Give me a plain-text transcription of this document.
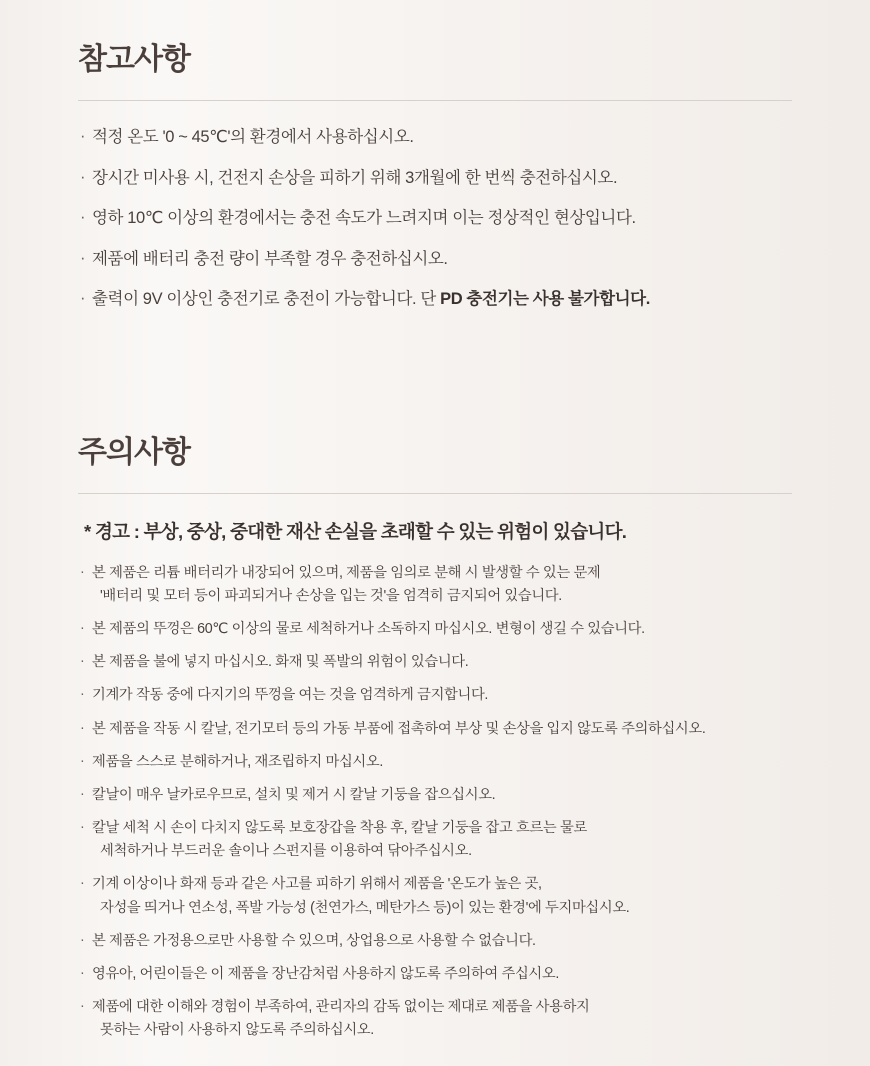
참고사항
· 적정 온도 '0 ~ 45℃'의 환경에서 사용하십시오.
· 장시간 미사용 시, 건전지 손상을 피하기 위해 3개월에 한 번씩 충전하십시오.
· 영하 10℃ 이상의 환경에서는 충전 속도가 느려지며 이는 정상적인 현상입니다.
· 제품에 배터리 충전 량이 부족할 경우 충전하십시오.
· 출력이 9V 이상인 충전기로 충전이 가능합니다. 단 PD 충전기는 사용 불가합니다.
주의사항

* 경고 : 부상, 중상, 중대한 재산 손실을 초래할 수 있는 위험이 있습니다.

· 본 제품은 리튬 배터리가 내장되어 있으며, 제품을 임의로 분해 시 발생할 수 있는 문제
'배터리 및 모터 등이 파괴되거나 손상을 입는 것'을 엄격히 금지되어 있습니다.
· 본 제품의 뚜껑은 60℃ 이상의 물로 세척하거나 소독하지 마십시오. 변형이 생길 수 있습니다.
· 본 제품을 불에 넣지 마십시오. 화재 및 폭발의 위험이 있습니다.
· 기계가 작동 중에 다지기의 뚜껑을 여는 것을 엄격하게 금지합니다.
· 본 제품을 작동 시 칼날, 전기모터 등의 가동 부품에 접촉하여 부상 및 손상을 입지 않도록 주의하십시오.
· 제품을 스스로 분해하거나, 재조립하지 마십시오.
· 칼날이 매우 날카로우므로, 설치 및 제거 시 칼날 기둥을 잡으십시오.
· 칼날 세척 시 손이 다치지 않도록 보호장갑을 착용 후, 칼날 기둥을 잡고 흐르는 물로
세척하거나 부드러운 솔이나 스펀지를 이용하여 닦아주십시오.
· 기계 이상이나 화재 등과 같은 사고를 피하기 위해서 제품을 '온도가 높은 곳,
자성을 띄거나 연소성, 폭발 가능성 (천연가스, 메탄가스 등)이 있는 환경'에 두지마십시오.
· 본 제품은 가정용으로만 사용할 수 있으며, 상업용으로 사용할 수 없습니다.
· 영유아, 어린이들은 이 제품을 장난감처럼 사용하지 않도록 주의하여 주십시오.
· 제품에 대한 이해와 경험이 부족하여, 관리자의 감독 없이는 제대로 제품을 사용하지
못하는 사람이 사용하지 않도록 주의하십시오.
